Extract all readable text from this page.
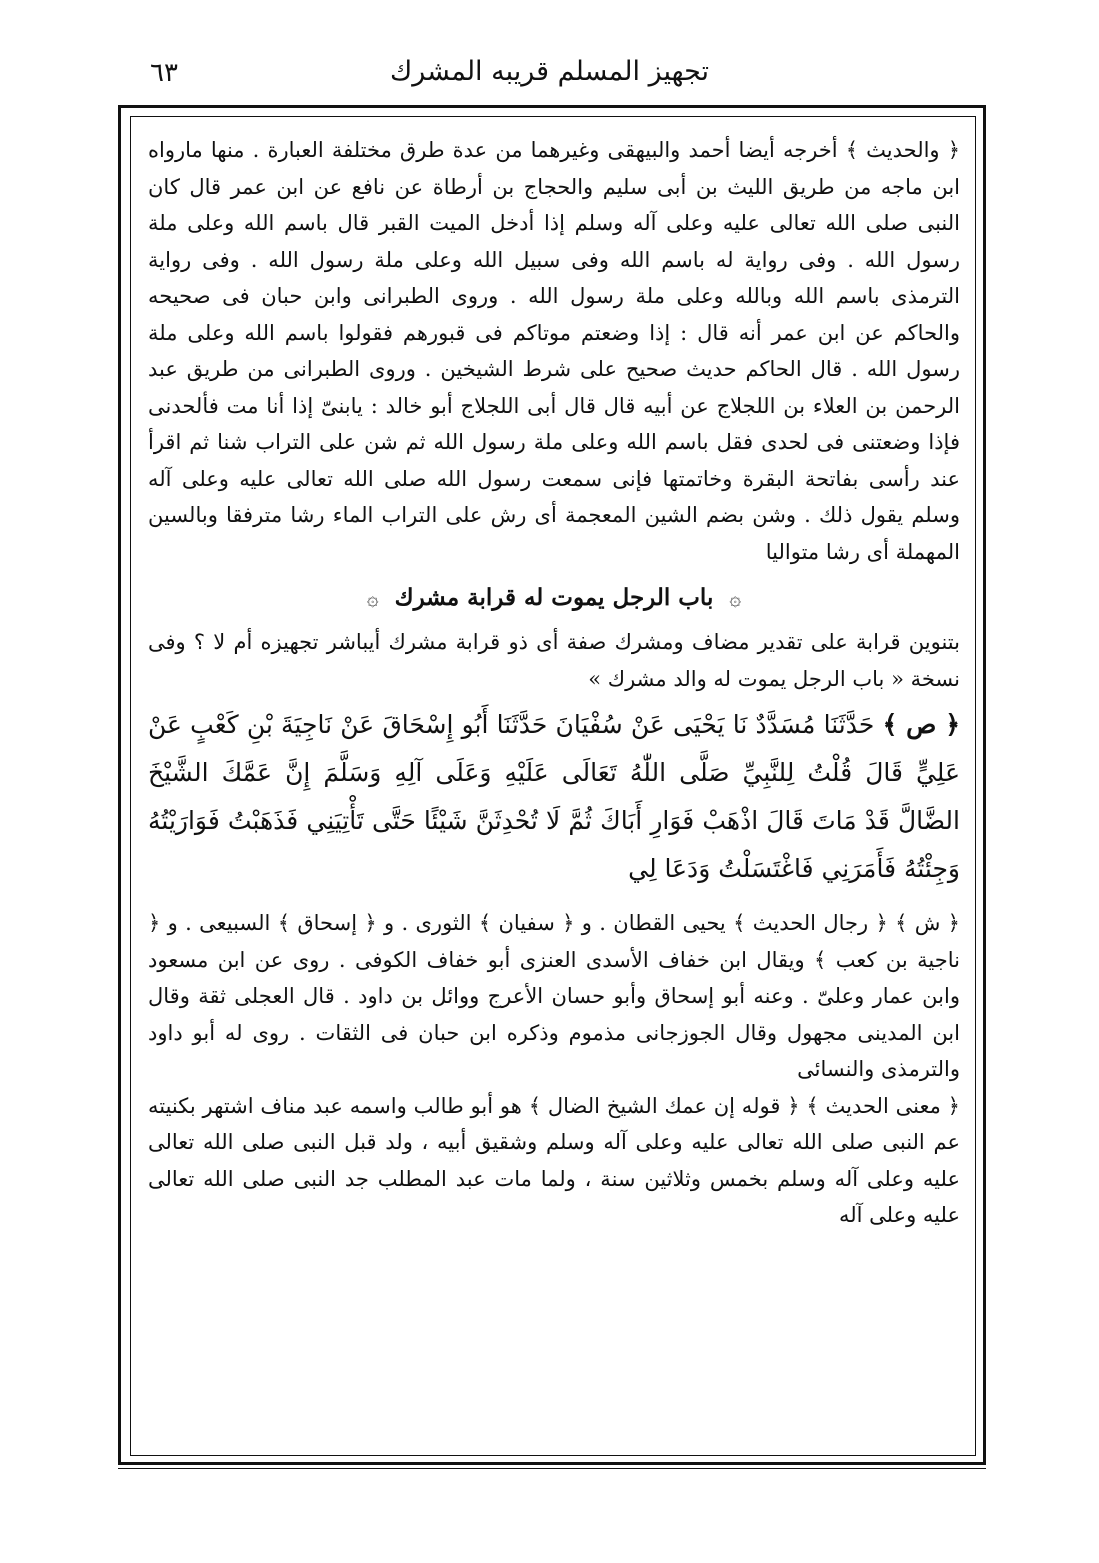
٦٣	تجهيز المسلم قريبه المشرك

﴿ والحديث ﴾ أخرجه أيضا أحمد والبيهقى وغيرهما من عدة طرق مختلفة العبارة . منها مارواه ابن ماجه من طريق الليث بن أبى سليم والحجاج بن أرطاة عن نافع عن ابن عمر قال كان النبى صلى الله تعالى عليه وعلى آله وسلم إذا أدخل الميت القبر قال باسم الله وعلى ملة رسول الله . وفى رواية له باسم الله وفى سبيل الله وعلى ملة رسول الله . وفى رواية الترمذى باسم الله وبالله وعلى ملة رسول الله . وروى الطبرانى وابن حبان فى صحيحه والحاكم عن ابن عمر أنه قال : إذا وضعتم موتاكم فى قبورهم فقولوا باسم الله وعلى ملة رسول الله . قال الحاكم حديث صحيح على شرط الشيخين . وروى الطبرانى من طريق عبد الرحمن بن العلاء بن اللجلاج عن أبيه قال قال أبى اللجلاج أبو خالد : يابنىّ إذا أنا مت فألحدنى فإذا وضعتنى فى لحدى فقل باسم الله وعلى ملة رسول الله ثم شن على التراب شنا ثم اقرأ عند رأسى بفاتحة البقرة وخاتمتها فإنى سمعت رسول الله صلى الله تعالى عليه وعلى آله وسلم يقول ذلك . وشن بضم الشين المعجمة أى رش على التراب الماء رشا مترفقا وبالسين المهملة أى رشا متواليا

۞ باب الرجل يموت له قرابة مشرك ۞

بتنوين قرابة على تقدير مضاف ومشرك صفة أى ذو قرابة مشرك أيباشر تجهيزه أم لا ؟ وفى نسخة « باب الرجل يموت له والد مشرك »

﴿ ص ﴾ حَدَّثَنَا مُسَدَّدٌ نَا يَحْيَى عَنْ سُفْيَانَ حَدَّثَنَا أَبُو إِسْحَاقَ عَنْ نَاجِيَةَ بْنِ كَعْبٍ عَنْ عَلِيٍّ قَالَ قُلْتُ لِلنَّبِيِّ صَلَّى اللّٰهُ تَعَالَى عَلَيْهِ وَعَلَى آلِهِ وَسَلَّمَ إِنَّ عَمَّكَ الشَّيْخَ الضَّالَّ قَدْ مَاتَ قَالَ اذْهَبْ فَوَارِ أَبَاكَ ثُمَّ لَا تُحْدِثَنَّ شَيْئًا حَتَّى تَأْتِيَنِي فَذَهَبْتُ فَوَارَيْتُهُ وَجِئْتُهُ فَأَمَرَنِي فَاغْتَسَلْتُ وَدَعَا لِي

﴿ ش ﴾ ﴿ رجال الحديث ﴾ يحيى القطان . و ﴿ سفيان ﴾ الثورى . و ﴿ إسحاق ﴾ السبيعى . و ﴿ ناجية بن كعب ﴾ ويقال ابن خفاف الأسدى العنزى أبو خفاف الكوفى . روى عن ابن مسعود وابن عمار وعلىّ . وعنه أبو إسحاق وأبو حسان الأعرج ووائل بن داود . قال العجلى ثقة وقال ابن المدينى مجهول وقال الجوزجانى مذموم وذكره ابن حبان فى الثقات . روى له أبو داود والترمذى والنسائى

﴿ معنى الحديث ﴾ ﴿ قوله إن عمك الشيخ الضال ﴾ هو أبو طالب واسمه عبد مناف اشتهر بكنيته عم النبى صلى الله تعالى عليه وعلى آله وسلم وشقيق أبيه ، ولد قبل النبى صلى الله تعالى عليه وعلى آله وسلم بخمس وثلاثين سنة ، ولما مات عبد المطلب جد النبى صلى الله تعالى عليه وعلى آله
